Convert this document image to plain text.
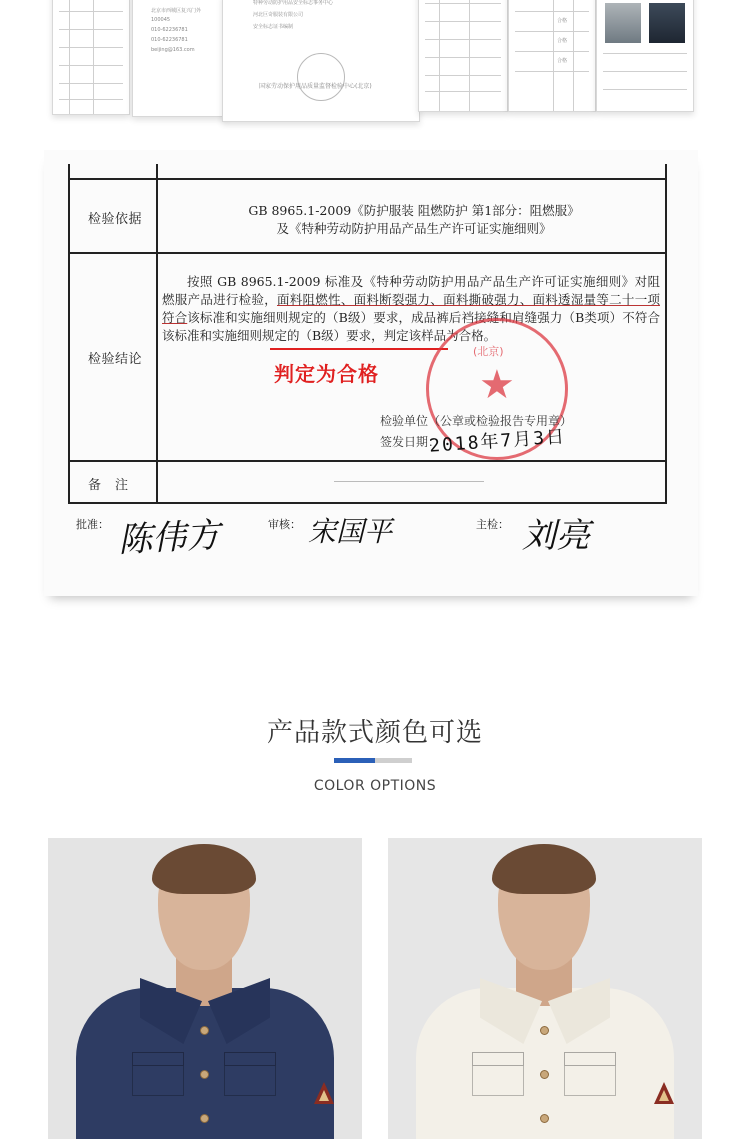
北京市西城区复兴门外
100045
010-62236781
010-62236781
beijing@163.com
特种劳动防护用品安全标志事务中心
河北巨奇服装有限公司
安全标志证书编制
国家劳动保护用品质量监督检验中心(北京)
合格
合格
合格
检验依据
GB 8965.1-2009《防护服装 阻燃防护 第1部分：阻燃服》
及《特种劳动防护用品产品生产许可证实施细则》
检验结论
按照 GB 8965.1-2009 标准及《特种劳动防护用品产品生产许可证实施细则》对阻燃服产品进行检验，面料阻燃性、面料断裂强力、面料撕破强力、面料透湿量等二十一项符合该标准和实施细则规定的（B级）要求，成品裤后裆接缝和肩缝强力（B类项）不符合该标准和实施细则规定的（B级）要求，判定该样品为合格。
判定为合格
(北京)
★
检验单位（公章或检验报告专用章）
签发日期：
2018年7月3日
备　注
批准： 陈伟方	审核： 宋国平	主检： 刘亮
产品款式颜色可选
COLOR OPTIONS
